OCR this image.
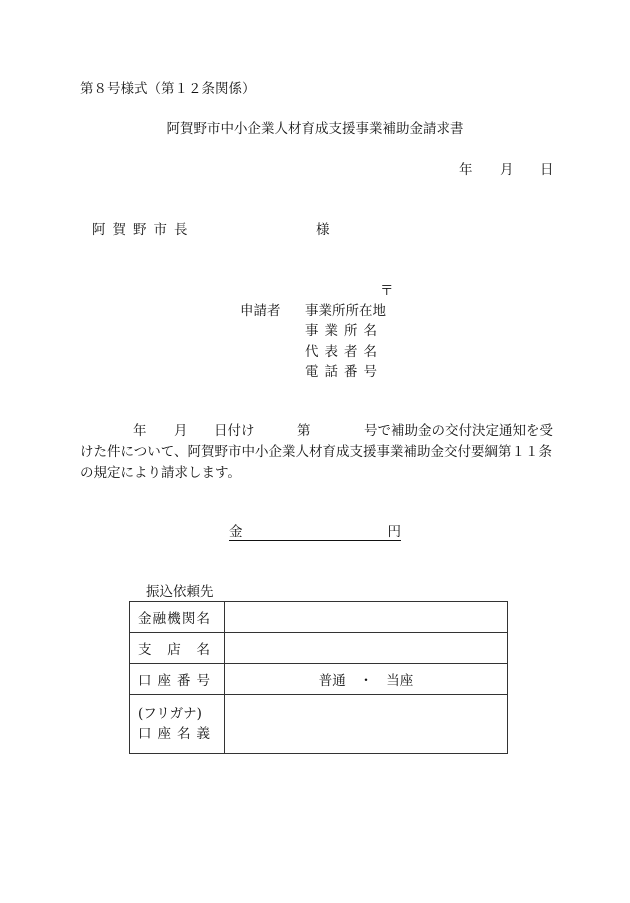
第８号様式（第１２条関係）
阿賀野市中小企業人材育成支援事業補助金請求書
年 月 日
阿賀野市長	様
〒
申請者 事業所所在地
事 業 所 名
代 表 者 名
電 話 番 号
年 月 日付け	第	号で補助金の交付決定通知を受
けた件について、阿賀野市中小企業人材育成支援事業補助金交付要綱第１１条
の規定により請求します。
金	円
振込依頼先
金 融 機 関 名	

支 店 名	

口 座 番 号	普通　・　当座

(フリガナ)
口 座 名 義	
